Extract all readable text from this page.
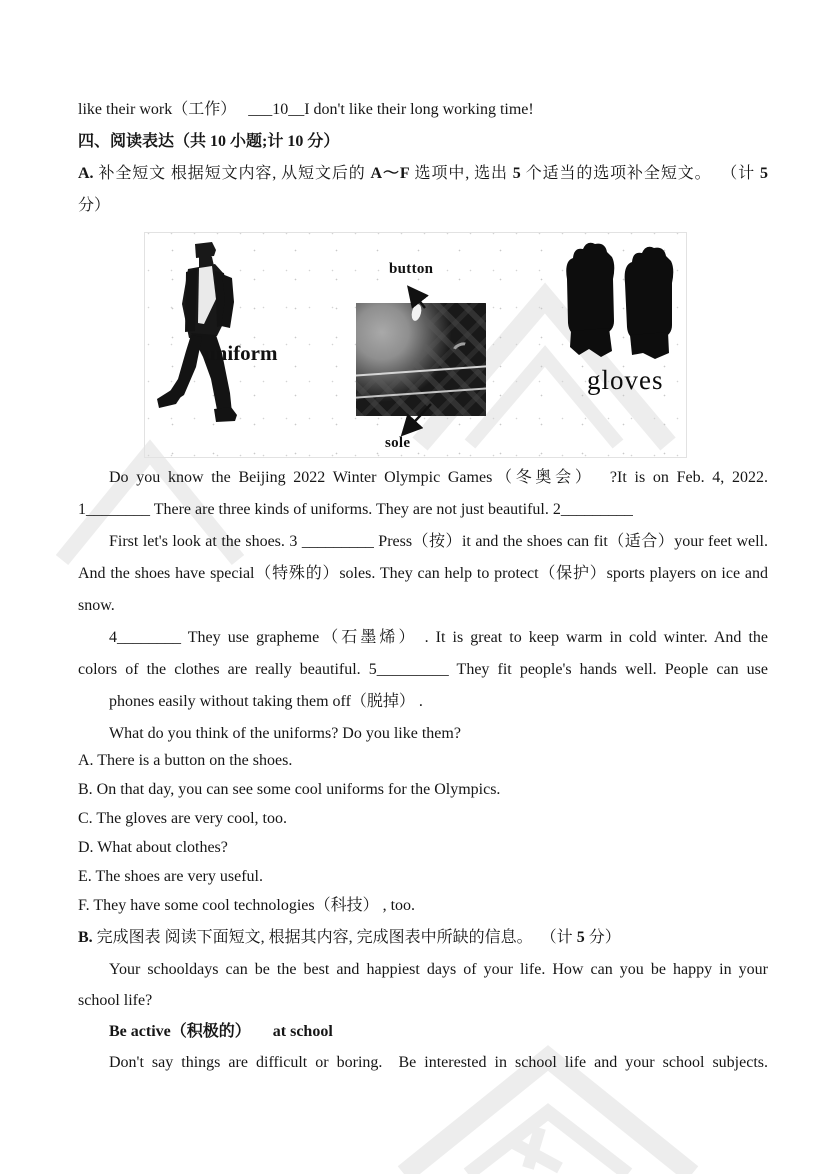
like their work（工作）   ___10__I don't like their long working time!
四、阅读表达（共 10 小题;计 10 分）
A. 补全短文 根据短文内容, 从短文后的 A～F 选项中, 选出 5 个适当的选项补全短文。  （计 5
分）
uniform
button
sole
gloves
Do you know the Beijing 2022 Winter Olympic Games（冬奥会）  ?It is on Feb. 4, 2022.
1________ There are three kinds of uniforms. They are not just beautiful. 2_________
First let's look at the shoes. 3 _________ Press（按）it and the shoes can fit（适合）your feet well.
And the shoes have special（特殊的）soles. They can help to protect（保护）sports players on ice and
snow.
4________ They use grapheme（石墨烯） . It is great to keep warm in cold winter. And the
colors of the clothes are really beautiful. 5_________ They fit people's hands well. People can use
phones easily without taking them off（脱掉） .
What do you think of the uniforms? Do you like them?
A. There is a button on the shoes.
B. On that day, you can see some cool uniforms for the Olympics.
C. The gloves are very cool, too.
D. What about clothes?
E. The shoes are very useful.
F. They have some cool technologies（科技） , too.
B. 完成图表 阅读下面短文, 根据其内容, 完成图表中所缺的信息。  （计 5 分）
Your schooldays can be the best and happiest days of your life. How can you be happy in your
school life?
Be active（积极的） at school
Don't say things are difficult or boring.  Be interested in school life and your school subjects.
